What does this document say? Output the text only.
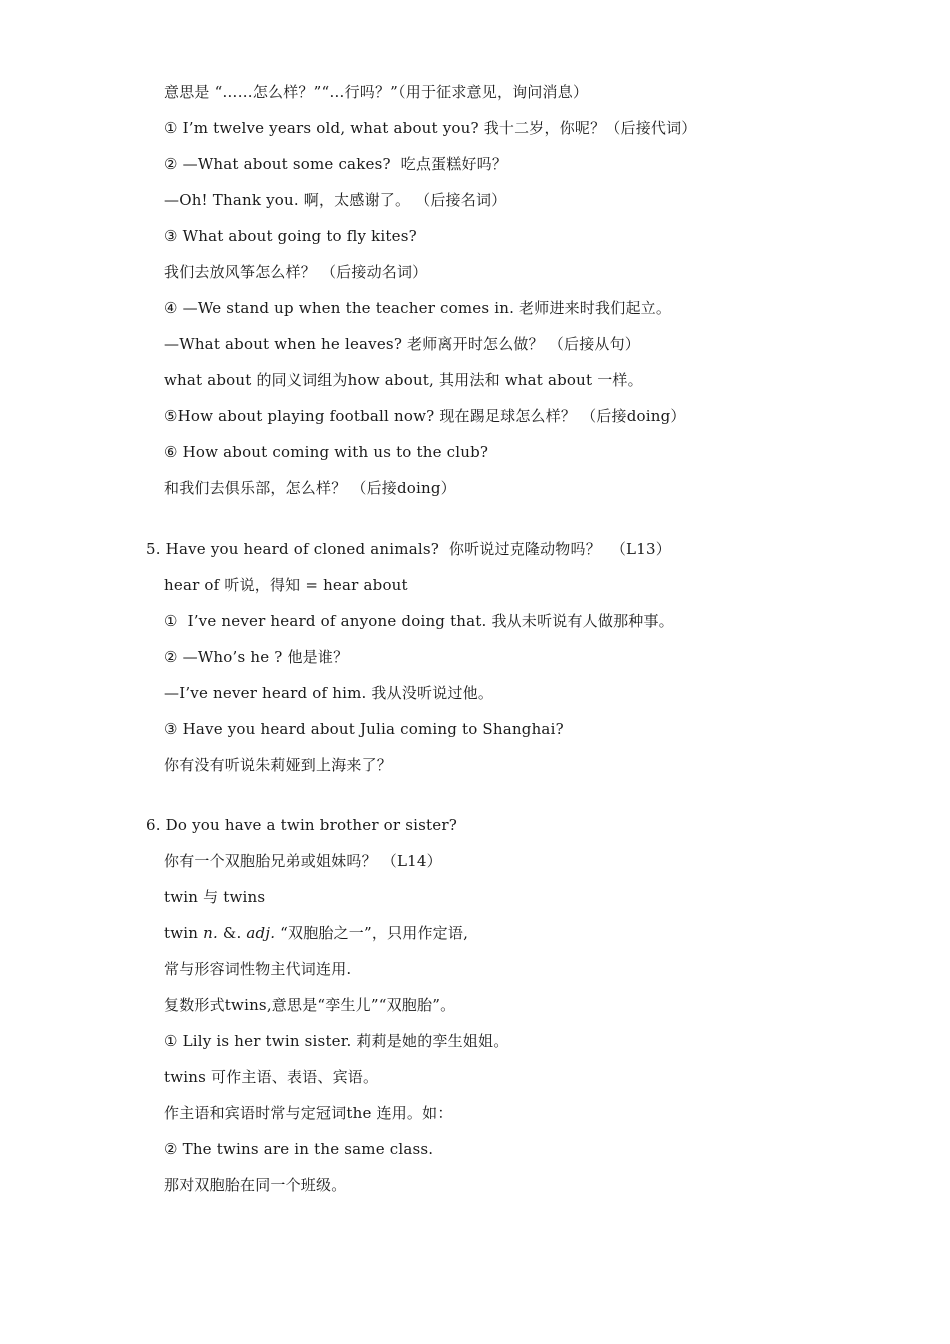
意思是 “……怎么样？”“…行吗？”（用于征求意见，询问消息）
① I’m twelve years old, what about you? 我十二岁，你呢？（后接代词）
② —What about some cakes?  吃点蛋糕好吗？
—Oh! Thank you. 啊，太感谢了。 （后接名词）
③ What about going to fly kites?
我们去放风筝怎么样？ （后接动名词）
④ —We stand up when the teacher comes in. 老师进来时我们起立。
—What about when he leaves? 老师离开时怎么做？ （后接从句）
what about 的同义词组为how about, 其用法和 what about 一样。
⑤How about playing football now? 现在踢足球怎么样？ （后接doing）
⑥ How about coming with us to the club?
和我们去俱乐部，怎么样？ （后接doing）
5. Have you heard of cloned animals?  你听说过克隆动物吗？  （L13）
hear of 听说，得知 = hear about
①  I’ve never heard of anyone doing that. 我从未听说有人做那种事。
② —Who’s he ? 他是谁？
—I’ve never heard of him. 我从没听说过他。
③ Have you heard about Julia coming to Shanghai?
你有没有听说朱莉娅到上海来了？
6. Do you have a twin brother or sister?
你有一个双胞胎兄弟或姐妹吗？ （L14）
twin 与 twins
twin n. &. adj. “双胞胎之一”，只用作定语,
常与形容词性物主代词连用.
复数形式twins,意思是“孪生儿”“双胞胎”。
① Lily is her twin sister. 莉莉是她的孪生姐姐。
twins 可作主语、表语、宾语。
作主语和宾语时常与定冠词the 连用。如：
② The twins are in the same class.
那对双胞胎在同一个班级。
